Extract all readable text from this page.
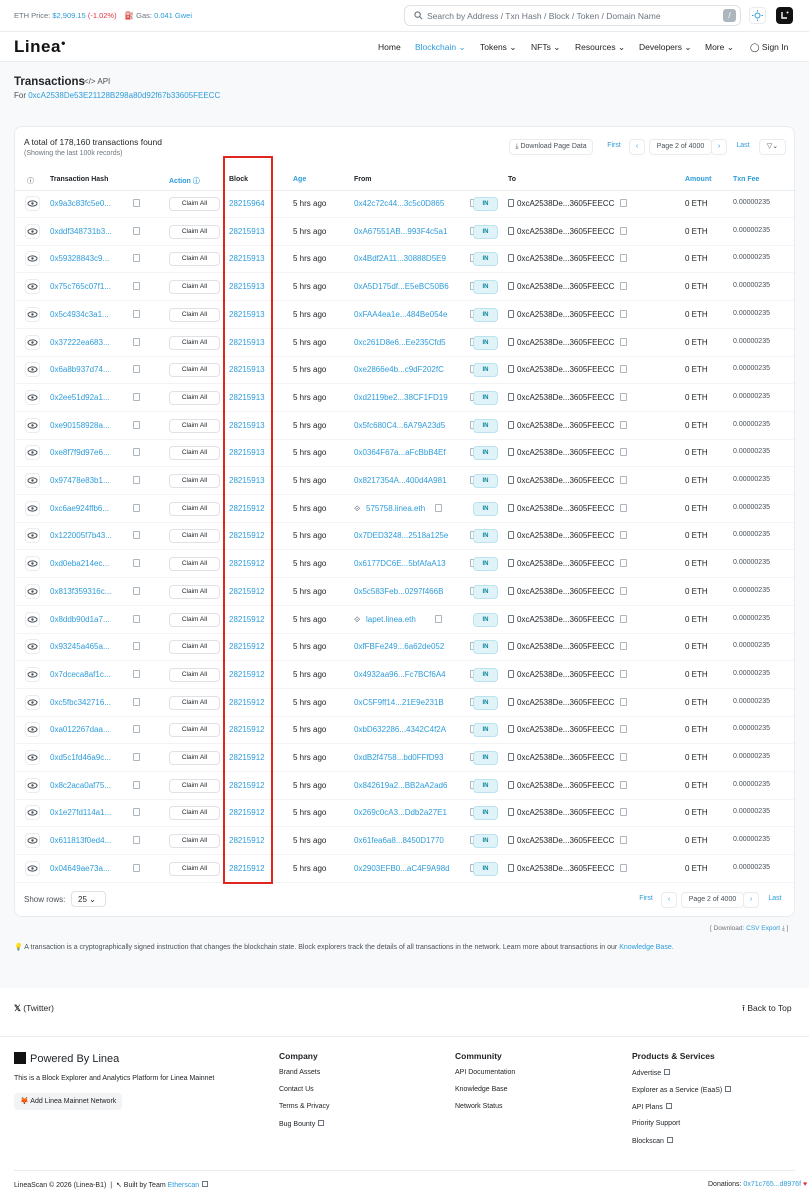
ETH Price: $2,909.15 (-1.02%) ⛽ Gas: 0.041 Gwei	Search by Address / Txn Hash / Block / Token / Domain Name	/
Linea●	Home Blockchain ⌄ Tokens ⌄ NFTs ⌄ Resources ⌄ Developers ⌄ More ⌄ ◯ Sign In
Transactions </> API
For 0xcA2538De53E21128B298a80d92f67b33605FEECC
A total of 178,160 transactions found
(Showing the last 100k records)
⤓ Download Page Data	First	‹	Page 2 of 4000	›	Last	▽⌄
ⓘ Transaction Hash	Action ⓘ	Block	Age	From	To	Amount	Txn Fee
0x9a3c83fc5e0...	Claim All	28215964	5 hrs ago	0x42c72c44...3c5c0D865	IN	0xcA2538De...3605FEECC	0 ETH	0.00000235
0xddf348731b3...	Claim All	28215913	5 hrs ago	0xA67551AB...993F4c5a1	IN	0xcA2538De...3605FEECC	0 ETH	0.00000235
0x59328843c9...	Claim All	28215913	5 hrs ago	0x4Bdf2A11...30888D5E9	IN	0xcA2538De...3605FEECC	0 ETH	0.00000235
0x75c765c07f1...	Claim All	28215913	5 hrs ago	0xA5D175df...E5eBC50B6	IN	0xcA2538De...3605FEECC	0 ETH	0.00000235
0x5c4934c3a1...	Claim All	28215913	5 hrs ago	0xFAA4ea1e...484Be054e	IN	0xcA2538De...3605FEECC	0 ETH	0.00000235
0x37222ea683...	Claim All	28215913	5 hrs ago	0xc261D8e6...Ee235Cfd5	IN	0xcA2538De...3605FEECC	0 ETH	0.00000235
0x6a8b937d74...	Claim All	28215913	5 hrs ago	0xe2866e4b...c9dF202fC	IN	0xcA2538De...3605FEECC	0 ETH	0.00000235
0x2ee51d92a1...	Claim All	28215913	5 hrs ago	0xd2119be2...38CF1FD19	IN	0xcA2538De...3605FEECC	0 ETH	0.00000235
0xe90158928a...	Claim All	28215913	5 hrs ago	0x5fc680C4...6A79A23d5	IN	0xcA2538De...3605FEECC	0 ETH	0.00000235
0xe8f7f9d97e6...	Claim All	28215913	5 hrs ago	0x0364F67a...aFcBbB4Ef	IN	0xcA2538De...3605FEECC	0 ETH	0.00000235
0x97478e83b1...	Claim All	28215913	5 hrs ago	0x8217354A...400d4A981	IN	0xcA2538De...3605FEECC	0 ETH	0.00000235
0xc6ae924ffb6...	Claim All	28215912	5 hrs ago	⟐ 575758.linea.eth	IN	0xcA2538De...3605FEECC	0 ETH	0.00000235
0x122005f7b43...	Claim All	28215912	5 hrs ago	0x7DED3248...2518a125e	IN	0xcA2538De...3605FEECC	0 ETH	0.00000235
0xd0eba214ec...	Claim All	28215912	5 hrs ago	0x6177DC6E...5bfAfaA13	IN	0xcA2538De...3605FEECC	0 ETH	0.00000235
0x813f359316c...	Claim All	28215912	5 hrs ago	0x5c583Feb...0297f466B	IN	0xcA2538De...3605FEECC	0 ETH	0.00000235
0x8ddb90d1a7...	Claim All	28215912	5 hrs ago	⟐ lapet.linea.eth	IN	0xcA2538De...3605FEECC	0 ETH	0.00000235
0x93245a465a...	Claim All	28215912	5 hrs ago	0xfFBFe249...6a62de052	IN	0xcA2538De...3605FEECC	0 ETH	0.00000235
0x7dceca8af1c...	Claim All	28215912	5 hrs ago	0x4932aa96...Fc7BCf6A4	IN	0xcA2538De...3605FEECC	0 ETH	0.00000235
0xc5fbc342716...	Claim All	28215912	5 hrs ago	0xC5F9ff14...21E9e231B	IN	0xcA2538De...3605FEECC	0 ETH	0.00000235
0xa012267daa...	Claim All	28215912	5 hrs ago	0xbD632286...4342C4f2A	IN	0xcA2538De...3605FEECC	0 ETH	0.00000235
0xd5c1fd46a9c...	Claim All	28215912	5 hrs ago	0xdB2f4758...bd0FFfD93	IN	0xcA2538De...3605FEECC	0 ETH	0.00000235
0x8c2aca0af75...	Claim All	28215912	5 hrs ago	0x842619a2...BB2aA2ad6	IN	0xcA2538De...3605FEECC	0 ETH	0.00000235
0x1e27fd114a1...	Claim All	28215912	5 hrs ago	0x269c0cA3...Ddb2a27E1	IN	0xcA2538De...3605FEECC	0 ETH	0.00000235
0x611813f0ed4...	Claim All	28215912	5 hrs ago	0x61fea6a8...8450D1770	IN	0xcA2538De...3605FEECC	0 ETH	0.00000235
0x04649ae73a...	Claim All	28215912	5 hrs ago	0x2903EFB0...aC4F9A98d	IN	0xcA2538De...3605FEECC	0 ETH	0.00000235
Show rows:	25 ⌄	First	‹	Page 2 of 4000	›	Last
[ Download: CSV Export ⤓ ]
💡 A transaction is a cryptographically signed instruction that changes the blockchain state. Block explorers track the details of all transactions in the network. Learn more about transactions in our Knowledge Base.
𝕏 (Twitter)	⭱ Back to Top
Powered By Linea
This is a Block Explorer and Analytics Platform for Linea Mainnet
🦊 Add Linea Mainnet Network
Company
Brand Assets
Contact Us
Terms & Privacy
Bug Bounty
Community
API Documentation
Knowledge Base
Network Status
Products & Services
Advertise
Explorer as a Service (EaaS)
API Plans
Priority Support
Blockscan
LineaScan © 2026 (Linea-B1)  |  ↖ Built by Team Etherscan	Donations: 0x71c765...d8976f ♥
